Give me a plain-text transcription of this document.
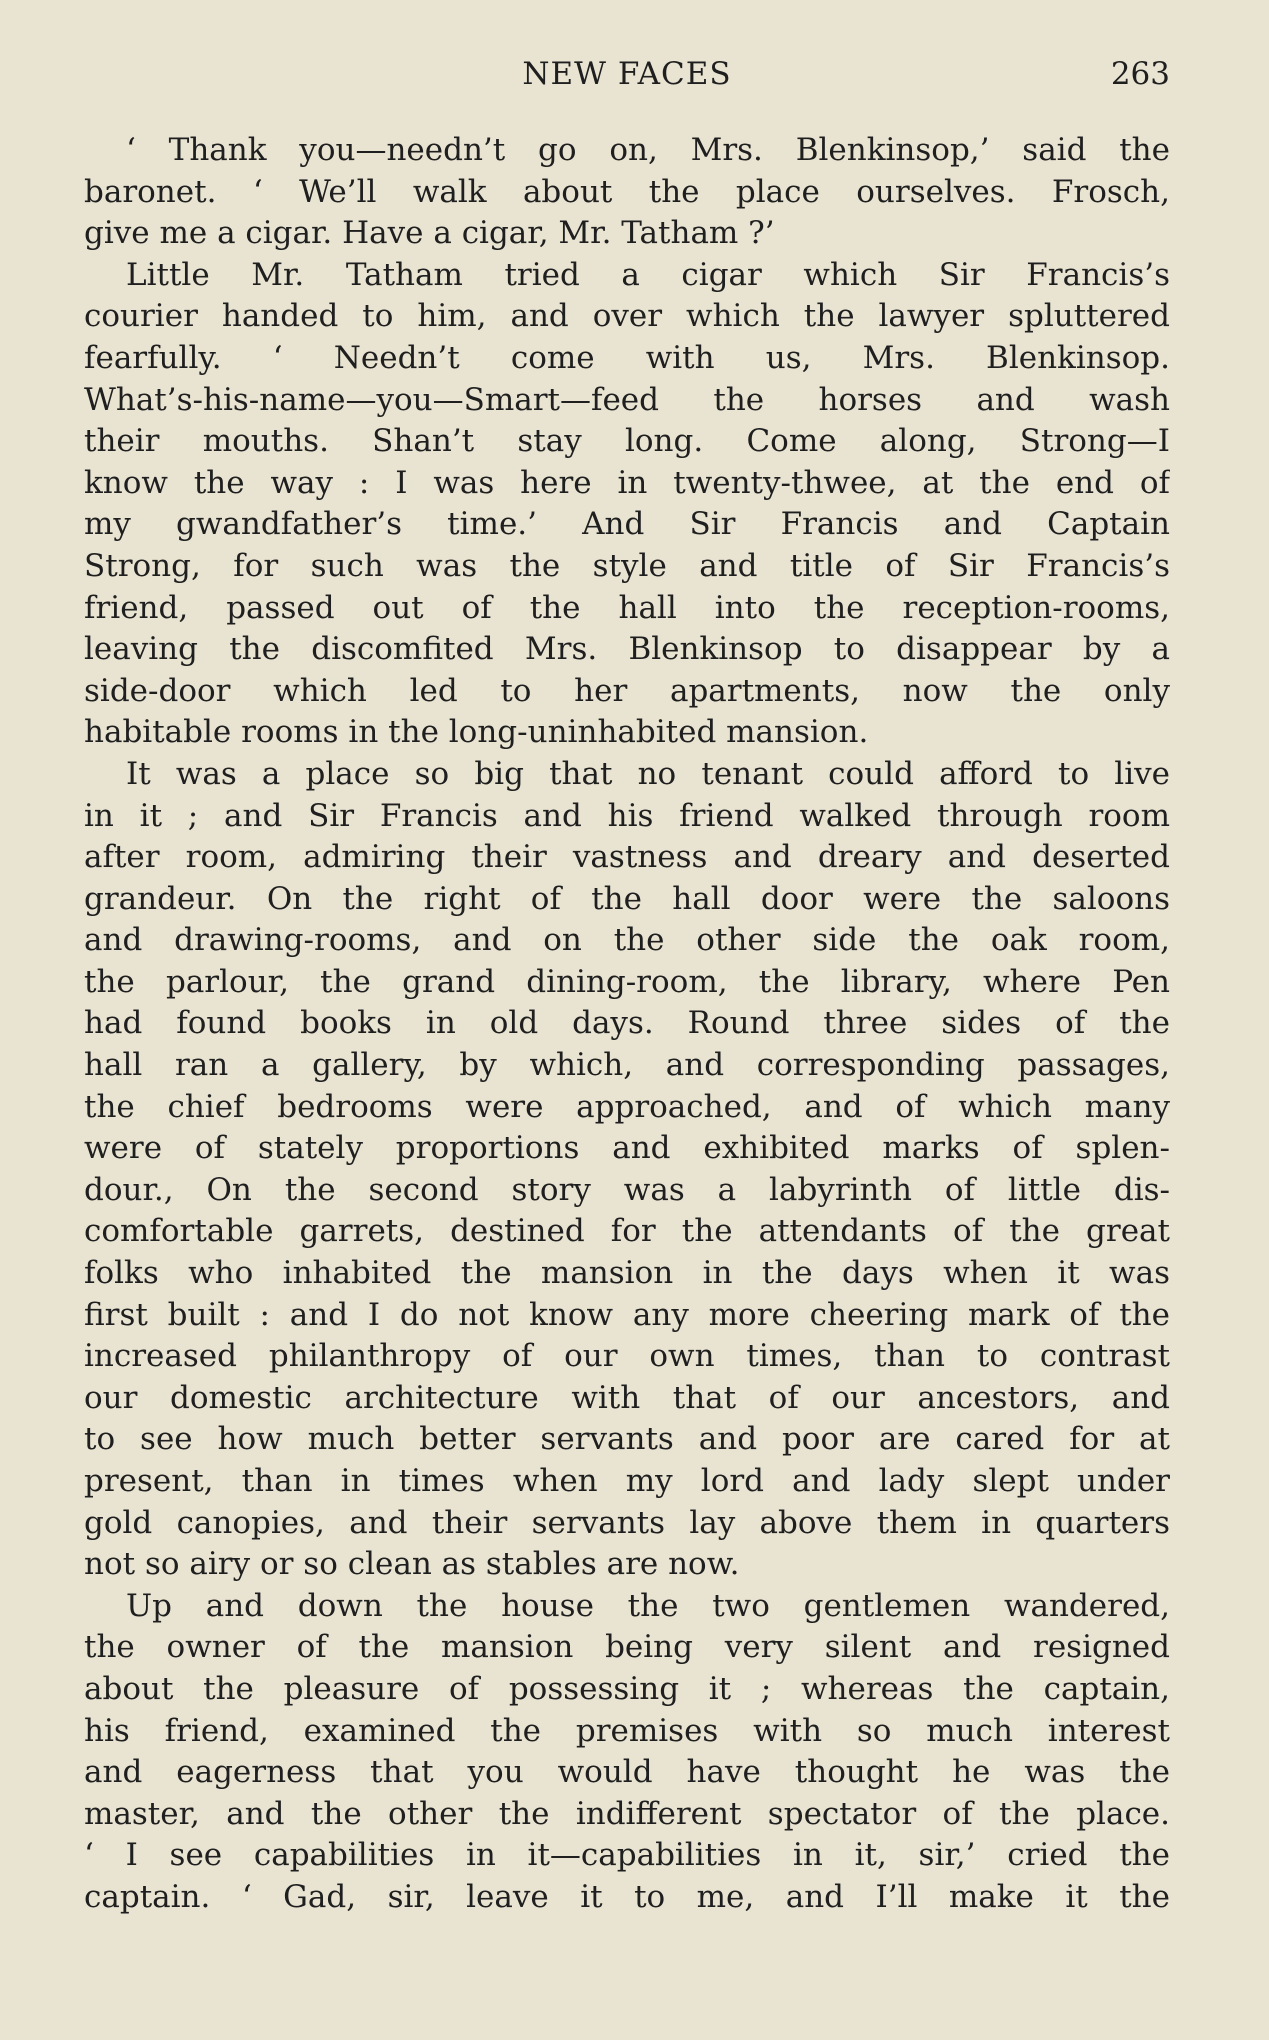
NEW FACES	263
‘ Thank you—needn’t go on, Mrs. Blenkinsop,’ said the
baronet. ‘ We’ll walk about the place ourselves. Frosch,
give me a cigar. Have a cigar, Mr. Tatham ?’
Little Mr. Tatham tried a cigar which Sir Francis’s
courier handed to him, and over which the lawyer spluttered
fearfully. ‘ Needn’t come with us, Mrs. Blenkinsop.
What’s-his-name—you—Smart—feed the horses and wash
their mouths. Shan’t stay long. Come along, Strong—I
know the way : I was here in twenty-thwee, at the end of
my gwandfather’s time.’ And Sir Francis and Captain
Strong, for such was the style and title of Sir Francis’s
friend, passed out of the hall into the reception-rooms,
leaving the discomfited Mrs. Blenkinsop to disappear by a
side-door which led to her apartments, now the only
habitable rooms in the long-uninhabited mansion.
It was a place so big that no tenant could afford to live
in it ; and Sir Francis and his friend walked through room
after room, admiring their vastness and dreary and deserted
grandeur. On the right of the hall door were the saloons
and drawing-rooms, and on the other side the oak room,
the parlour, the grand dining-room, the library, where Pen
had found books in old days. Round three sides of the
hall ran a gallery, by which, and corresponding passages,
the chief bedrooms were approached, and of which many
were of stately proportions and exhibited marks of splen-
dour., On the second story was a labyrinth of little dis-
comfortable garrets, destined for the attendants of the great
folks who inhabited the mansion in the days when it was
first built : and I do not know any more cheering mark of the
increased philanthropy of our own times, than to contrast
our domestic architecture with that of our ancestors, and
to see how much better servants and poor are cared for at
present, than in times when my lord and lady slept under
gold canopies, and their servants lay above them in quarters
not so airy or so clean as stables are now.
Up and down the house the two gentlemen wandered,
the owner of the mansion being very silent and resigned
about the pleasure of possessing it ; whereas the captain,
his friend, examined the premises with so much interest
and eagerness that you would have thought he was the
master, and the other the indifferent spectator of the place.
‘ I see capabilities in it—capabilities in it, sir,’ cried the
captain. ‘ Gad, sir, leave it to me, and I’ll make it the
